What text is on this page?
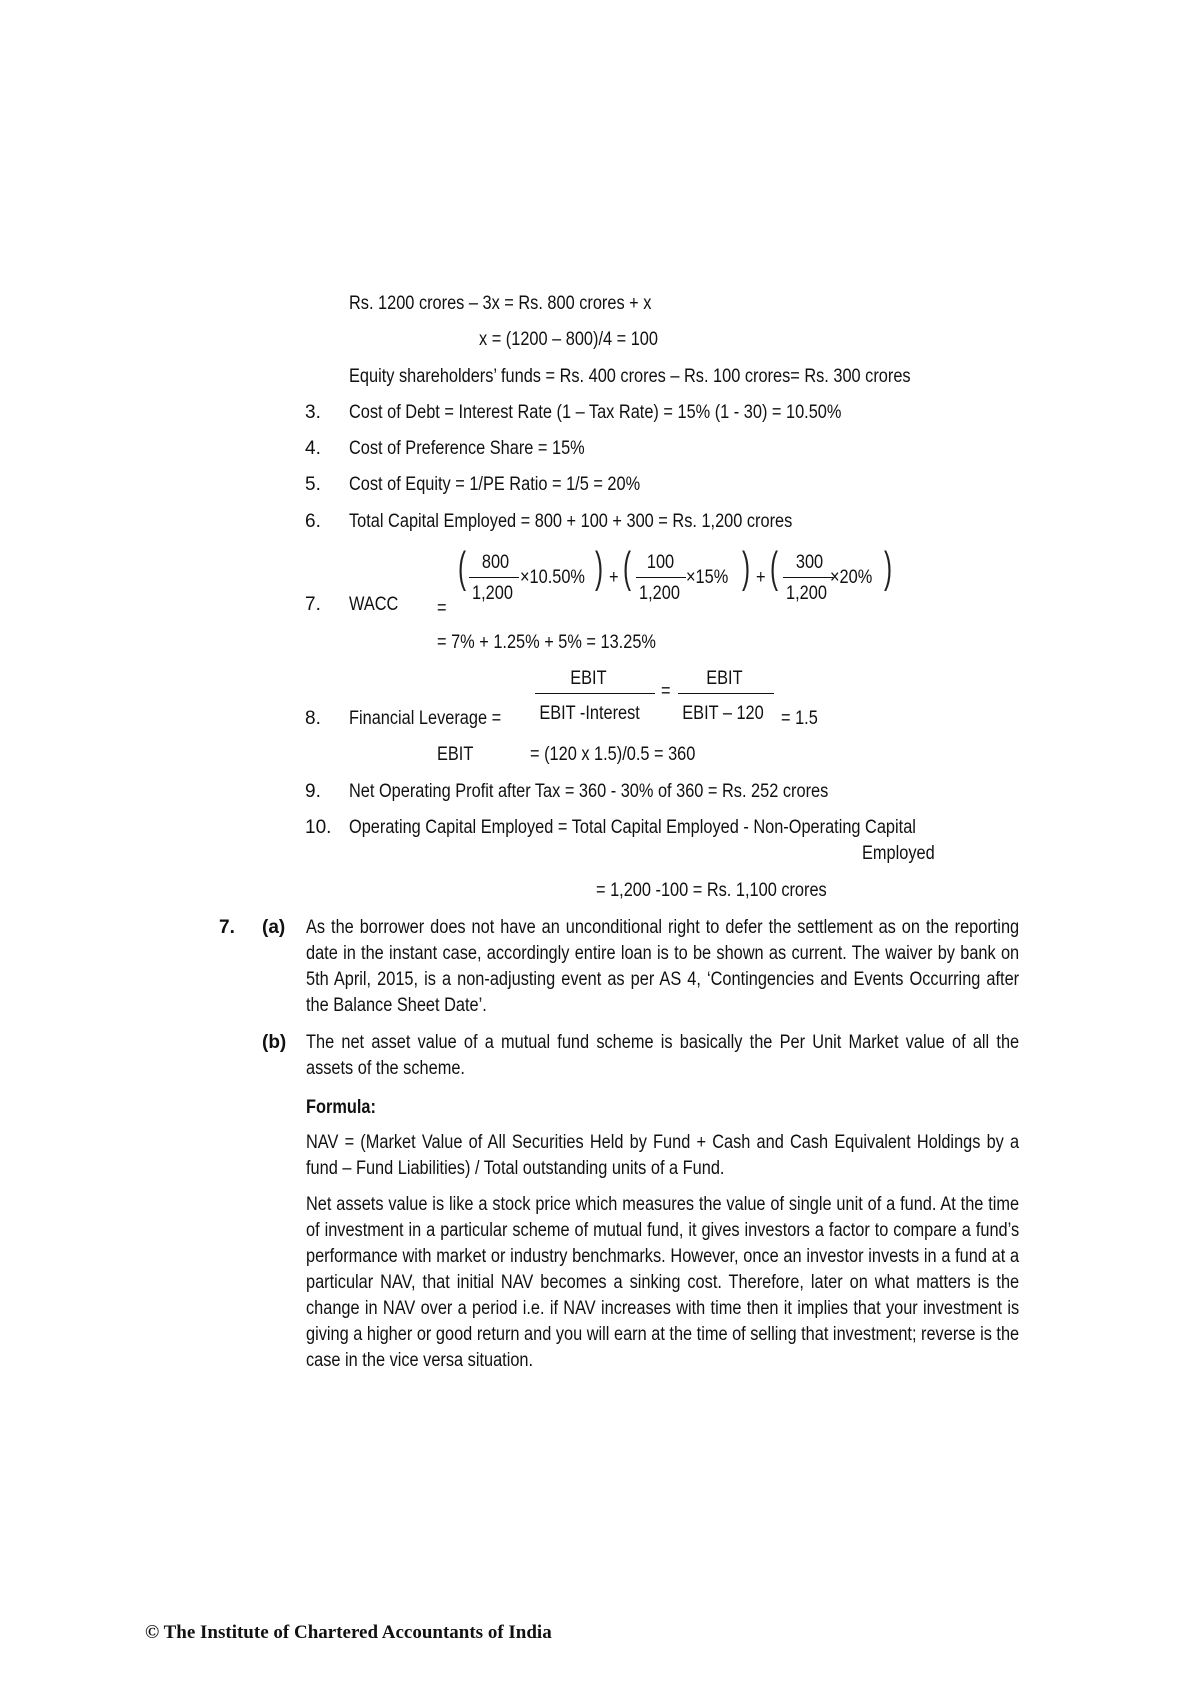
Rs. 1200 crores – 3x = Rs. 800 crores + x
x = (1200 – 800)/4 = 100
Equity shareholders’ funds = Rs. 400 crores – Rs. 100 crores= Rs. 300 crores
3. Cost of Debt = Interest Rate (1 – Tax Rate) = 15% (1 - 30) = 10.50%
4. Cost of Preference Share = 15%
5. Cost of Equity = 1/PE Ratio = 1/5 = 20%
6. Total Capital Employed = 800 + 100 + 300 = Rs. 1,200 crores
7. WACC =
( 800
1,200
×10.50% ) + ( 100
1,200
×15% ) + ( 300
1,200
×20% )
= 7% + 1.25% + 5% = 13.25%
EBIT
EBIT -Interest
=
EBIT
EBIT – 120
8. Financial Leverage =	= 1.5
EBIT	= (120 x 1.5)/0.5 = 360
9. Net Operating Profit after Tax = 360 - 30% of 360 = Rs. 252 crores
10. Operating Capital Employed = Total Capital Employed - Non-Operating Capital
Employed
= 1,200 -100 = Rs. 1,100 crores
7. (a) As the borrower does not have an unconditional right to defer the settlement as on the reporting date in the instant case, accordingly entire loan is to be shown as current. The waiver by bank on 5th April, 2015, is a non-adjusting event as per AS 4, ‘Contingencies and Events Occurring after the Balance Sheet Date’.
(b) The net asset value of a mutual fund scheme is basically the Per Unit Market value of all the assets of the scheme.
Formula:
NAV = (Market Value of All Securities Held by Fund + Cash and Cash Equivalent Holdings by a fund – Fund Liabilities) / Total outstanding units of a Fund.
Net assets value is like a stock price which measures the value of single unit of a fund. At the time of investment in a particular scheme of mutual fund, it gives investors a factor to compare a fund’s performance with market or industry benchmarks. However, once an investor invests in a fund at a particular NAV, that initial NAV becomes a sinking cost. Therefore, later on what matters is the change in NAV over a period i.e. if NAV increases with time then it implies that your investment is giving a higher or good return and you will earn at the time of selling that investment; reverse is the case in the vice versa situation.
© The Institute of Chartered Accountants of India
